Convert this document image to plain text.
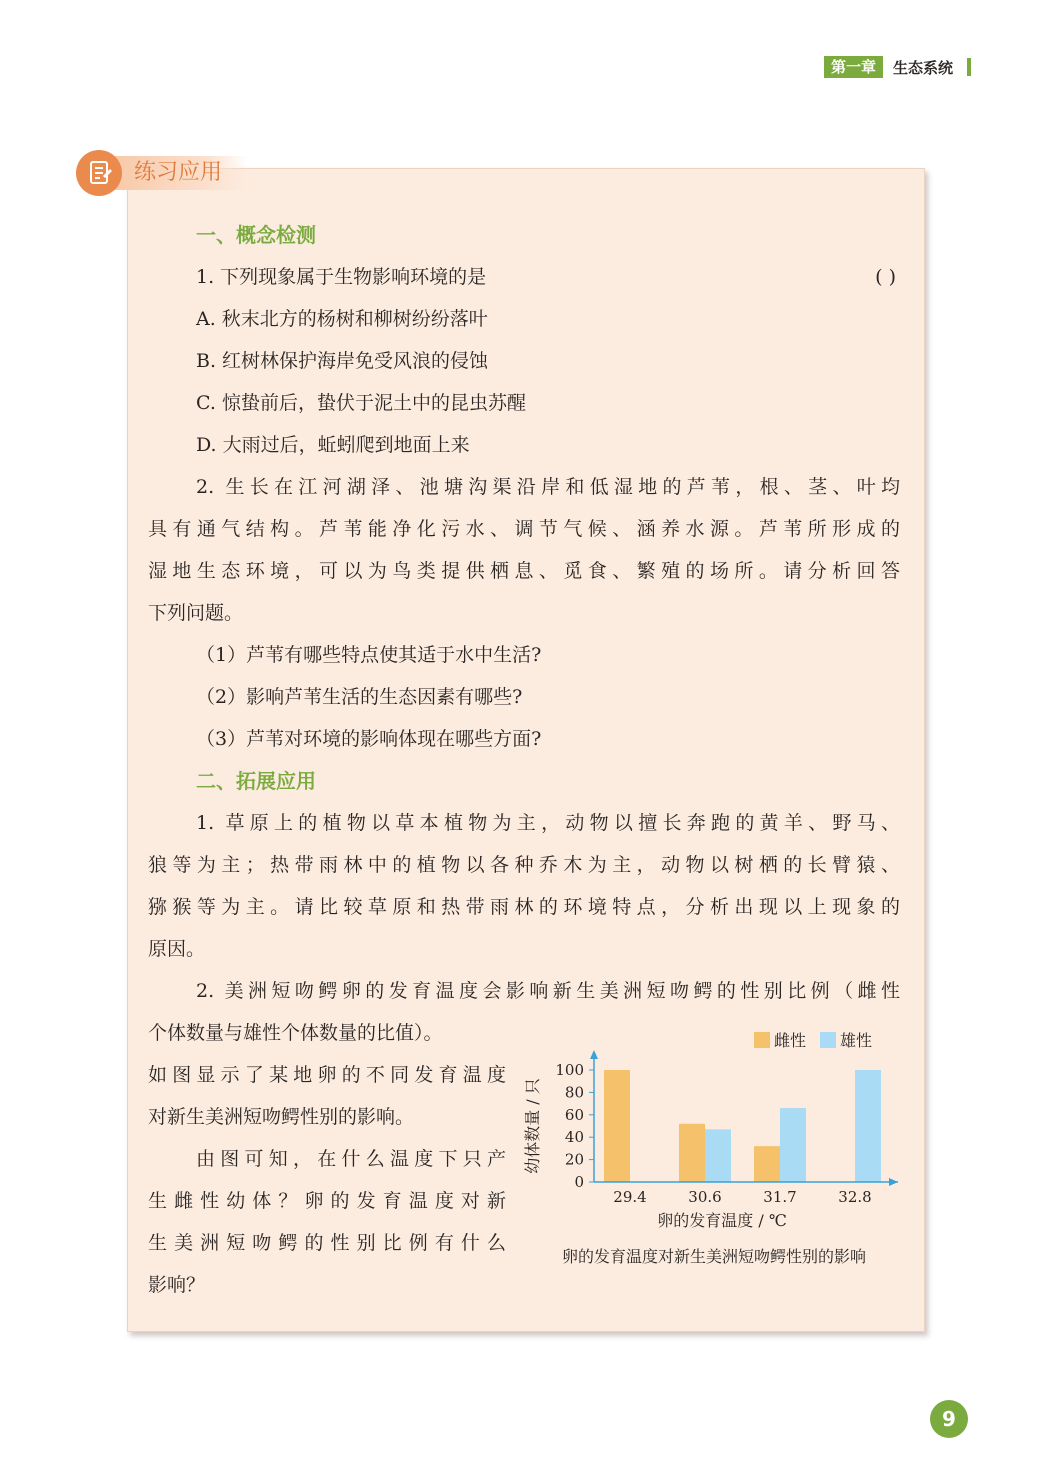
第一章	生态系统
练习应用
一、概念检测
1. 下列现象属于生物影响环境的是	( )
A. 秋末北方的杨树和柳树纷纷落叶
B. 红树林保护海岸免受风浪的侵蚀
C. 惊蛰前后，蛰伏于泥土中的昆虫苏醒
D. 大雨过后，蚯蚓爬到地面上来
2. 生长在江河湖泽、池塘沟渠沿岸和低湿地的芦苇，根、茎、叶均
具有通气结构。芦苇能净化污水、调节气候、涵养水源。芦苇所形成的
湿地生态环境，可以为鸟类提供栖息、觅食、繁殖的场所。请分析回答
下列问题。
（1）芦苇有哪些特点使其适于水中生活?
（2）影响芦苇生活的生态因素有哪些?
（3）芦苇对环境的影响体现在哪些方面?
二、拓展应用
1. 草原上的植物以草本植物为主，动物以擅长奔跑的黄羊、野马、
狼等为主；热带雨林中的植物以各种乔木为主，动物以树栖的长臂猿、
猕猴等为主。请比较草原和热带雨林的环境特点，分析出现以上现象的
原因。
2. 美洲短吻鳄卵的发育温度会影响新生美洲短吻鳄的性别比例（雌性
个体数量与雄性个体数量的比值）。
如图显示了某地卵的不同发育温度
对新生美洲短吻鳄性别的影响。
由图可知，在什么温度下只产
生雌性幼体？卵的发育温度对新
生美洲短吻鳄的性别比例有什么
影响？
雌性 雄性
29.4	30.6	31.7	32.8
0
20
40
60
80
100
幼体数量 / 只
卵的发育温度 / ℃
卵的发育温度对新生美洲短吻鳄性别的影响
9
